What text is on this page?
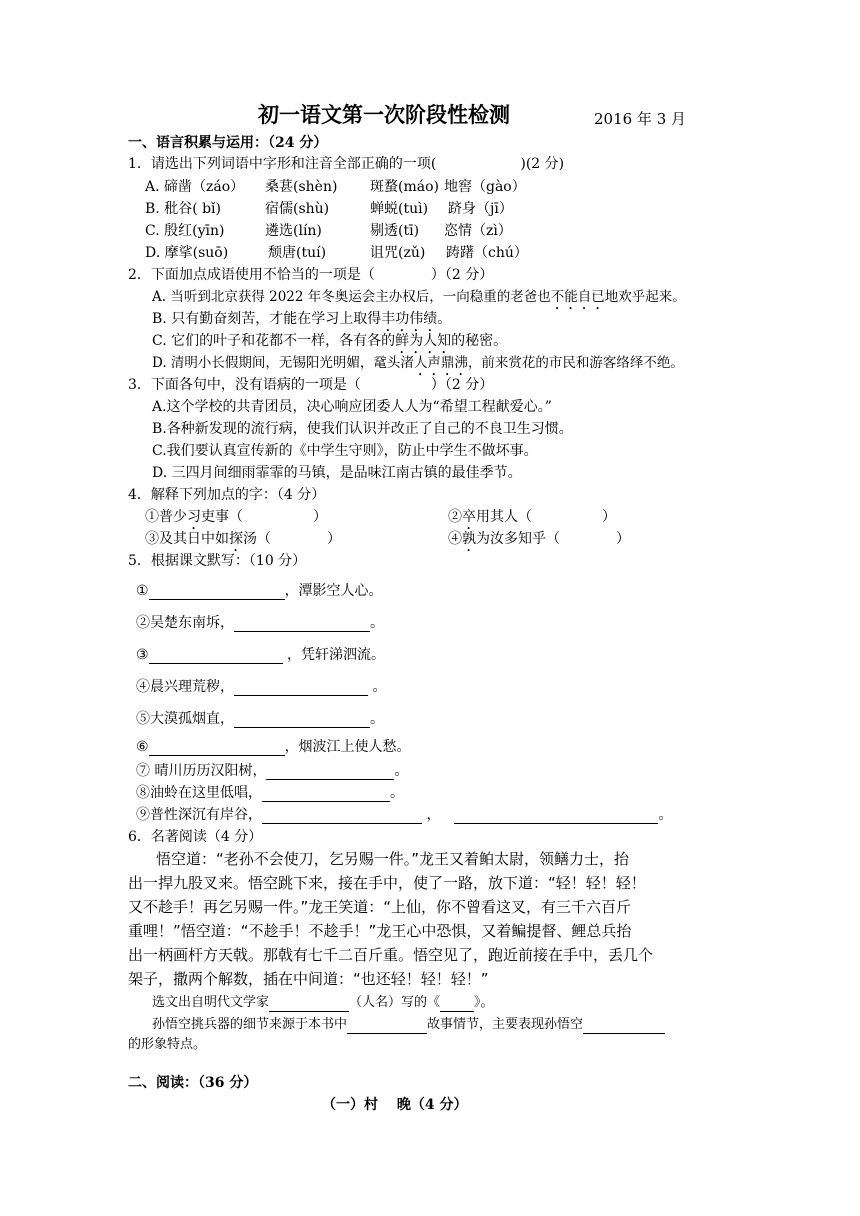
初一语文第一次阶段性检测	2016 年 3 月
一、语言积累与运用：（24 分）
1．请选出下列词语中字形和注音全部正确的一项(　　　　　　)(2 分)
A. 碲凿（záo） 桑葚(shèn) 斑蝥(máo) 地窖（gào）
B. 秕谷( bǐ)	宿儒(shù)	蝉蜕(tuì) 跻身（jī）
C. 殷红(yīn)	遴选(lín)	剔透(tī) 恣情（zì）
D. 摩挲(suō)	颓唐(tuí)	诅咒(zǔ) 踌躇（chú）
2．下面加点成语使用不恰当的一项是（　　　　）（2 分）
A. 当听到北京获得 2022 年冬奥运会主办权后，一向稳重的老爸也不能自已地欢乎起来。
B. 只有勤奋刻苦，才能在学习上取得丰功伟绩。
C. 它们的叶子和花都不一样，各有各的鲜为人知的秘密。
D. 清明小长假期间，无锡阳光明媚，鼋头渚人声鼎沸，前来赏花的市民和游客络绎不绝。
3．下面各句中，没有语病的一项是（　　　　　）（2 分）
A.这个学校的共青团员，决心响应团委人人为“希望工程献爱心。”
B.各种新发现的流行病，使我们认识并改正了自己的不良卫生习惯。
C.我们要认真宣传新的《中学生守则》，防止中学生不做坏事。
D. 三四月间细雨霏霏的马镇，是品味江南古镇的最佳季节。
4．解释下列加点的字：（4 分）
①普少习吏事（　　　　　）	②卒用其人（　　　　　）
③及其日中如探汤（　　　　）	④孰为汝多知乎（　　　　）
5．根据课文默写：（10 分）
①	，潭影空人心。
②吴楚东南坼，	。
③	，凭轩涕泗流。
④晨兴理荒秽，	。
⑤大漠孤烟直，	。
⑥	，烟波江上使人愁。
⑦ 晴川历历汉阳树，	。
⑧油蛉在这里低唱，	。
⑨普性深沉有岸谷，	，	。
6．名著阅读（4 分）
悟空道：“老孙不会使刀，乞另赐一件。”龙王又着鲌太尉，领鳝力士，抬
出一捍九股叉来。悟空跳下来，接在手中，使了一路，放下道：“轻！轻！轻！
又不趁手！再乞另赐一件。”龙王笑道：“上仙，你不曾看这叉，有三千六百斤
重哩！”悟空道：“不趁手！不趁手！”龙王心中恐惧，又着鳊提督、鲤总兵抬
出一柄画杆方天戟。那戟有七千二百斤重。悟空见了，跑近前接在手中，丢几个
架子，撒两个解数，插在中间道：“也还轻！轻！轻！”
选文出自明代文学家	（人名）写的《	》。
孙悟空挑兵器的细节来源于本书中	故事情节，主要表现孙悟空
的形象特点。
二、阅读：（36 分）
（一）村　 晚（4 分）
